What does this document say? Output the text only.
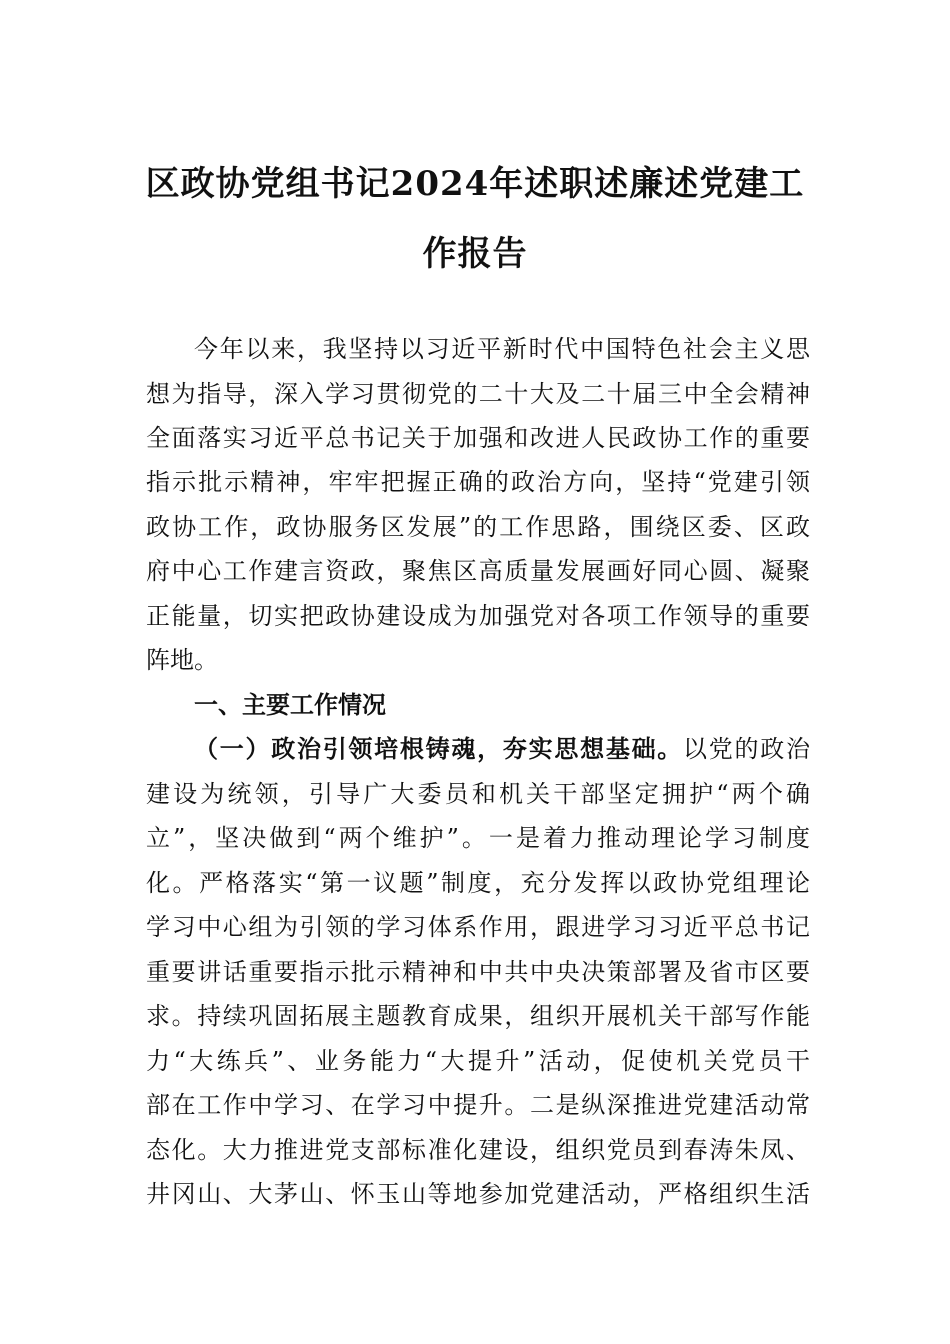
区政协党组书记2024年述职述廉述党建工
作报告
今年以来，我坚持以习近平新时代中国特色社会主义思
想为指导，深入学习贯彻党的二十大及二十届三中全会精神
全面落实习近平总书记关于加强和改进人民政协工作的重要
指示批示精神，牢牢把握正确的政治方向，坚持“党建引领
政协工作，政协服务区发展”的工作思路，围绕区委、区政
府中心工作建言资政，聚焦区高质量发展画好同心圆、凝聚
正能量，切实把政协建设成为加强党对各项工作领导的重要
阵地。
一、主要工作情况
（一）政治引领培根铸魂，夯实思想基础。以党的政治
建设为统领，引导广大委员和机关干部坚定拥护“两个确
立”，坚决做到“两个维护”。一是着力推动理论学习制度
化。严格落实“第一议题”制度，充分发挥以政协党组理论
学习中心组为引领的学习体系作用，跟进学习习近平总书记
重要讲话重要指示批示精神和中共中央决策部署及省市区要
求。持续巩固拓展主题教育成果，组织开展机关干部写作能
力“大练兵”、业务能力“大提升”活动，促使机关党员干
部在工作中学习、在学习中提升。二是纵深推进党建活动常
态化。大力推进党支部标准化建设，组织党员到春涛朱凤、
井冈山、大茅山、怀玉山等地参加党建活动，严格组织生活
